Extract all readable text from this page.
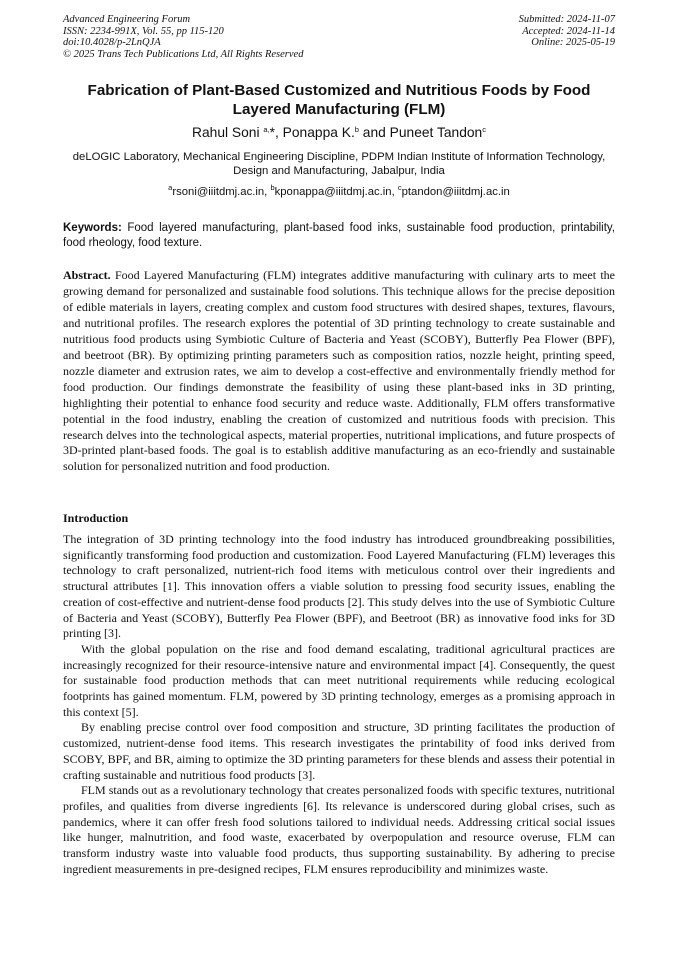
Advanced Engineering Forum
ISSN: 2234-991X, Vol. 55, pp 115-120
doi:10.4028/p-2LnQJA
© 2025 Trans Tech Publications Ltd, All Rights Reserved
Submitted: 2024-11-07
Accepted: 2024-11-14
Online: 2025-05-19
Fabrication of Plant-Based Customized and Nutritious Foods by Food Layered Manufacturing (FLM)
Rahul Soni $^{a,}$*, Ponappa K.$^b$ and Puneet Tandon$^c$
deLOGIC Laboratory, Mechanical Engineering Discipline, PDPM Indian Institute of Information Technology, Design and Manufacturing, Jabalpur, India
$^a$rsoni@iiitdmj.ac.in, $^b$kponappa@iiitdmj.ac.in, $^c$ptandon@iiitdmj.ac.in
Keywords: Food layered manufacturing, plant-based food inks, sustainable food production, printability, food rheology, food texture.
Abstract. Food Layered Manufacturing (FLM) integrates additive manufacturing with culinary arts to meet the growing demand for personalized and sustainable food solutions. This technique allows for the precise deposition of edible materials in layers, creating complex and custom food structures with desired shapes, textures, flavours, and nutritional profiles. The research explores the potential of 3D printing technology to create sustainable and nutritious food products using Symbiotic Culture of Bacteria and Yeast (SCOBY), Butterfly Pea Flower (BPF), and beetroot (BR). By optimizing printing parameters such as composition ratios, nozzle height, printing speed, nozzle diameter and extrusion rates, we aim to develop a cost-effective and environmentally friendly method for food production. Our findings demonstrate the feasibility of using these plant-based inks in 3D printing, highlighting their potential to enhance food security and reduce waste. Additionally, FLM offers transformative potential in the food industry, enabling the creation of customized and nutritious foods with precision. This research delves into the technological aspects, material properties, nutritional implications, and future prospects of 3D-printed plant-based foods. The goal is to establish additive manufacturing as an eco-friendly and sustainable solution for personalized nutrition and food production.
Introduction

The integration of 3D printing technology into the food industry has introduced groundbreaking possibilities, significantly transforming food production and customization. Food Layered Manufacturing (FLM) leverages this technology to craft personalized, nutrient-rich food items with meticulous control over their ingredients and structural attributes [1]. This innovation offers a viable solution to pressing food security issues, enabling the creation of cost-effective and nutrient-dense food products [2]. This study delves into the use of Symbiotic Culture of Bacteria and Yeast (SCOBY), Butterfly Pea Flower (BPF), and Beetroot (BR) as innovative food inks for 3D printing [3].

With the global population on the rise and food demand escalating, traditional agricultural practices are increasingly recognized for their resource-intensive nature and environmental impact [4]. Consequently, the quest for sustainable food production methods that can meet nutritional requirements while reducing ecological footprints has gained momentum. FLM, powered by 3D printing technology, emerges as a promising approach in this context [5].

By enabling precise control over food composition and structure, 3D printing facilitates the production of customized, nutrient-dense food items. This research investigates the printability of food inks derived from SCOBY, BPF, and BR, aiming to optimize the 3D printing parameters for these blends and assess their potential in crafting sustainable and nutritious food products [3].

FLM stands out as a revolutionary technology that creates personalized foods with specific textures, nutritional profiles, and qualities from diverse ingredients [6]. Its relevance is underscored during global crises, such as pandemics, where it can offer fresh food solutions tailored to individual needs. Addressing critical social issues like hunger, malnutrition, and food waste, exacerbated by overpopulation and resource overuse, FLM can transform industry waste into valuable food products, thus supporting sustainability. By adhering to precise ingredient measurements in pre-designed recipes, FLM ensures reproducibility and minimizes waste.
